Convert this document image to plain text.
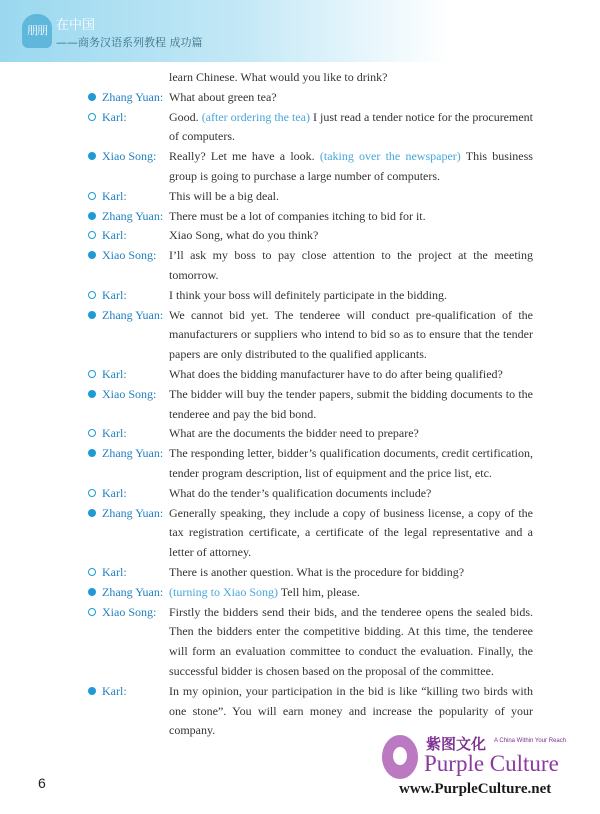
朋朋 在中国
——商务汉语系列教程 成功篇
learn Chinese. What would you like to drink?
Zhang Yuan: What about green tea?
Karl:	Good. (after ordering the tea) I just read a tender notice for the procurement of computers.
Xiao Song: Really? Let me have a look. (taking over the newspaper) This business group is going to purchase a large number of computers.
Karl:	This will be a big deal.
Zhang Yuan: There must be a lot of companies itching to bid for it.
Karl:	Xiao Song, what do you think?
Xiao Song: I’ll ask my boss to pay close attention to the project at the meeting tomorrow.
Karl:	I think your boss will definitely participate in the bidding.
Zhang Yuan: We cannot bid yet. The tenderee will conduct pre-qualification of the manufacturers or suppliers who intend to bid so as to ensure that the tender papers are only distributed to the qualified applicants.
Karl:	What does the bidding manufacturer have to do after being qualified?
Xiao Song: The bidder will buy the tender papers, submit the bidding documents to the tenderee and pay the bid bond.
Karl:	What are the documents the bidder need to prepare?
Zhang Yuan: The responding letter, bidder’s qualification documents, credit certification, tender program description, list of equipment and the price list, etc.
Karl:	What do the tender’s qualification documents include?
Zhang Yuan: Generally speaking, they include a copy of business license, a copy of the tax registration certificate, a certificate of the legal representative and a letter of attorney.
Karl:	There is another question. What is the procedure for bidding?
Zhang Yuan: (turning to Xiao Song) Tell him, please.
Xiao Song: Firstly the bidders send their bids, and the tenderee opens the sealed bids. Then the bidders enter the competitive bidding. At this time, the tenderee will form an evaluation committee to conduct the evaluation. Finally, the successful bidder is chosen based on the proposal of the committee.
Karl:	In my opinion, your participation in the bid is like “killing two birds with one stone”. You will earn money and increase the popularity of your company.
6
紫图文化 A China Within Your Reach
Purple Culture
www.PurpleCulture.net
